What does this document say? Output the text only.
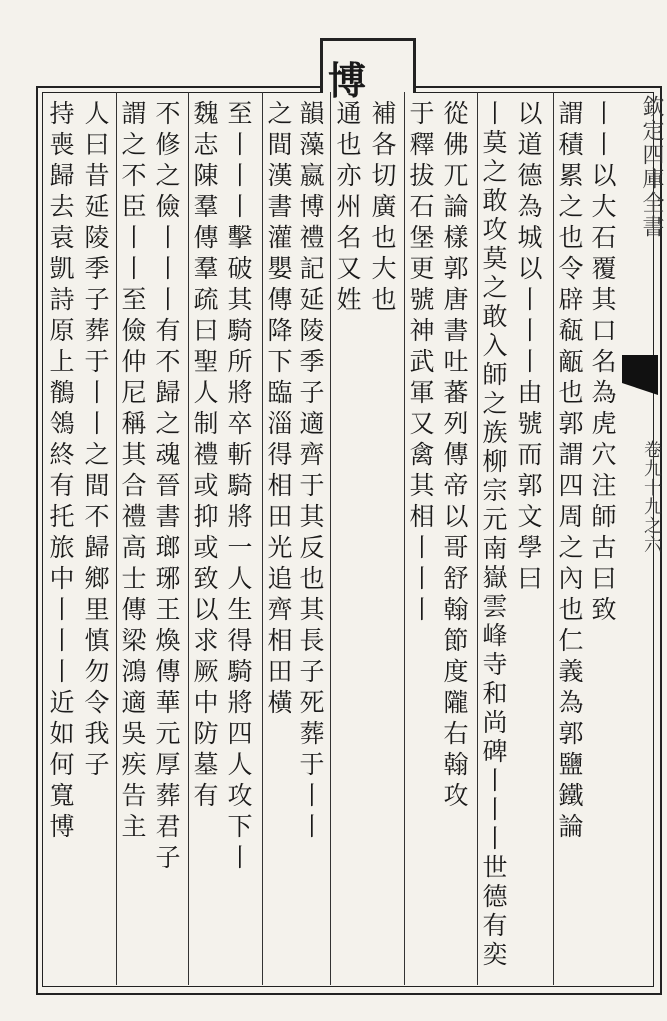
博
欽定四庫全書
卷九十九之六
丨丨以大石覆其口名為虎穴注師古曰致
謂積累之也令辟瓻甋也郭謂四周之內也仁義為郭鹽鐵論
以道德為城以丨丨丨由號而郭文學曰
丨莫之敢攻莫之敢入師之族柳宗元南嶽雲峰寺和尚碑丨丨丨世德有奕
從佛兀論樣郭唐書吐蕃列傳帝以哥舒翰節度隴右翰攻
于釋拔石堡更號神武軍又禽其相丨丨丨
補各切廣也大也
通也亦州名又姓
韻藻嬴博禮記延陵季子適齊于其反也其長子死葬于丨丨
之間漢書灌嬰傳降下臨淄得相田光追齊相田橫
至丨丨丨擊破其騎所將卒斬騎將一人生得騎將四人攻下丨
魏志陳羣傳羣疏曰聖人制禮或抑或致以求厥中防墓有
不修之儉丨丨丨有不歸之魂晉書瑯琊王煥傳華元厚葬君子
謂之不臣丨丨至儉仲尼稱其合禮高士傳梁鴻適吳疾告主
人曰昔延陵季子葬于丨丨之間不歸鄉里慎勿令我子
持喪歸去袁凱詩原上鶺鴒終有托旅中丨丨丨近如何寬博
